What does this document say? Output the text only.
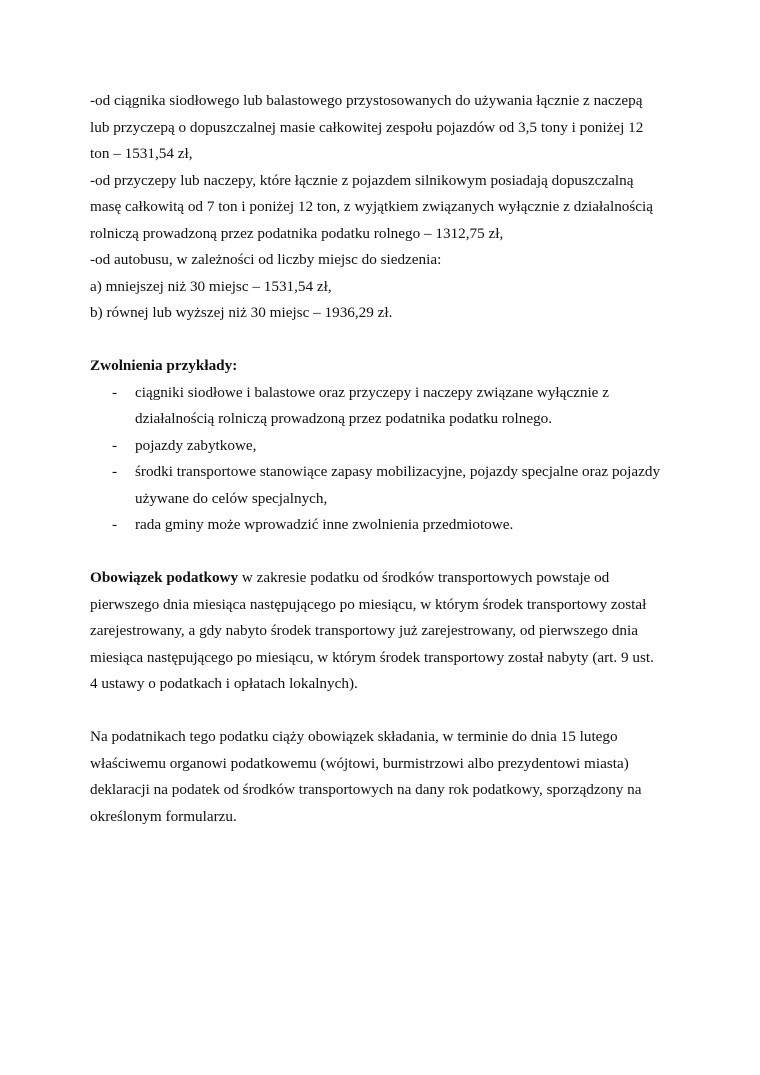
-od ciągnika siodłowego lub balastowego przystosowanych do używania łącznie z naczepą
lub przyczepą o dopuszczalnej masie całkowitej zespołu pojazdów od 3,5 tony i poniżej 12
ton – 1531,54 zł,
-od przyczepy lub naczepy, które łącznie z pojazdem silnikowym posiadają dopuszczalną
masę całkowitą od 7 ton i poniżej 12 ton, z wyjątkiem związanych wyłącznie z działalnością
rolniczą prowadzoną przez podatnika podatku rolnego – 1312,75 zł,
-od autobusu, w zależności od liczby miejsc do siedzenia:
a) mniejszej niż 30 miejsc – 1531,54 zł,
b) równej lub wyższej niż 30 miejsc – 1936,29 zł.
Zwolnienia przykłady:
- ciągniki siodłowe i balastowe oraz przyczepy i naczepy związane wyłącznie z
działalnością rolniczą prowadzoną przez podatnika podatku rolnego.
- pojazdy zabytkowe,
- środki transportowe stanowiące zapasy mobilizacyjne, pojazdy specjalne oraz pojazdy
używane do celów specjalnych,
- rada gminy może wprowadzić inne zwolnienia przedmiotowe.
Obowiązek podatkowy w zakresie podatku od środków transportowych powstaje od
pierwszego dnia miesiąca następującego po miesiącu, w którym środek transportowy został
zarejestrowany, a gdy nabyto środek transportowy już zarejestrowany, od pierwszego dnia
miesiąca następującego po miesiącu, w którym środek transportowy został nabyty (art. 9 ust.
4 ustawy o podatkach i opłatach lokalnych).
Na podatnikach tego podatku ciąży obowiązek składania, w terminie do dnia 15 lutego
właściwemu organowi podatkowemu (wójtowi, burmistrzowi albo prezydentowi miasta)
deklaracji na podatek od środków transportowych na dany rok podatkowy, sporządzony na
określonym formularzu.
